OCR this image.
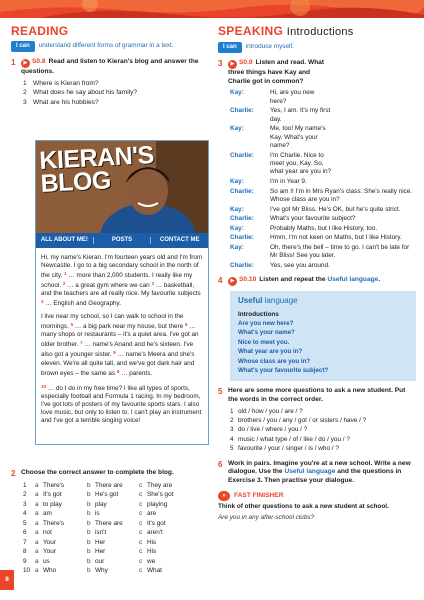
READING
I can	understand different forms of grammar in a text.
1	▶ S0.8 Read and listen to Kieran's blog and answer the questions.
1 Where is Kieran from?
2 What does he say about his family?
3 What are his hobbies?
KIERAN'S
BLOG
ALL ABOUT ME!	POSTS	CONTACT ME

Hi, my name's Kieran. I'm fourteen years old and I'm from Newcastle. I go to a big secondary school in the north of the city. $^1$ … more than 2,000 students. I really like my school. $^2$ … a great gym where we can $^3$ … basketball, and the teachers are all really nice. My favourite subjects $^4$ … English and Geography.

I live near my school, so I can walk to school in the mornings. $^5$ … a big park near my house, but there $^6$ … many shops or restaurants – it's a quiet area. I've got an older brother. $^7$ … name's Anand and he's sixteen. I've also got a younger sister. $^8$ … name's Meera and she's eleven. We're all quite tall, and we've got dark hair and brown eyes – the same as $^9$ … parents.

$^{10}$ … do I do in my free time? I like all types of sports, especially football and Formula 1 racing. In my bedroom, I've got lots of posters of my favourite sports stars. I also love music, but only to listen to. I can't play an instrument and I've got a terrible singing voice!

2 Choose the correct answer to complete the blog.
1	a There's	b There are	c They are
2	a It's got	b He's got	c She's got
3	a to play	b play	c playing
4	a am	b is	c are
5	a There's	b There are	c It's got
6	a not	b isn't	c aren't
7	a Your	b Her	c His
8	a Your	b Her	c His
9	a us	b our	c we
10 a Who	b Why	c What
SPEAKING Introductions
I can	introduce myself.
3	▶ S0.9 Listen and read. What three things have Kay and Charlie got in common?
Kay:	Hi, are you new here?
Charlie:	Yes, I am. It's my first day.
Kay:	Me, too! My name's Kay. What's your name?
Charlie:	I'm Charlie. Nice to meet you, Kay. So, what year are you in?
Kay:	I'm in Year 9.
Charlie:	So am I! I'm in Mrs Ryan's class. She's really nice. Whose class are you in?
Kay:	I've got Mr Bliss. He's OK, but he's quite strict.
Charlie:	What's your favourite subject?
Kay:	Probably Maths, but I like History, too.
Charlie:	Hmm, I'm not keen on Maths, but I like History.
Kay:	Oh, there's the bell – time to go. I can't be late for Mr Bliss! See you later.
Charlie:	Yes, see you around.
4	▶ S0.10 Listen and repeat the Useful language.
Useful language
Introductions
Are you new here?
What's your name?
Nice to meet you.
What year are you in?
Whose class are you in?
What's your favourite subject?
5 Here are some more questions to ask a new student. Put the words in the correct order.
1 old / how / you / are / ?
2 brothers / you / any / got / or sisters / have / ?
3 do / live / where / you / ?
4 music / what type / of / like / do / you / ?
5 favourite / your / singer / is / who / ?
6 Work in pairs. Imagine you're at a new school. Write a new dialogue. Use the Useful language and the questions in Exercise 3. Then practise your dialogue.
»	FAST FINISHER
Think of other questions to ask a new student at school.
Are you in any after-school clubs?
8
